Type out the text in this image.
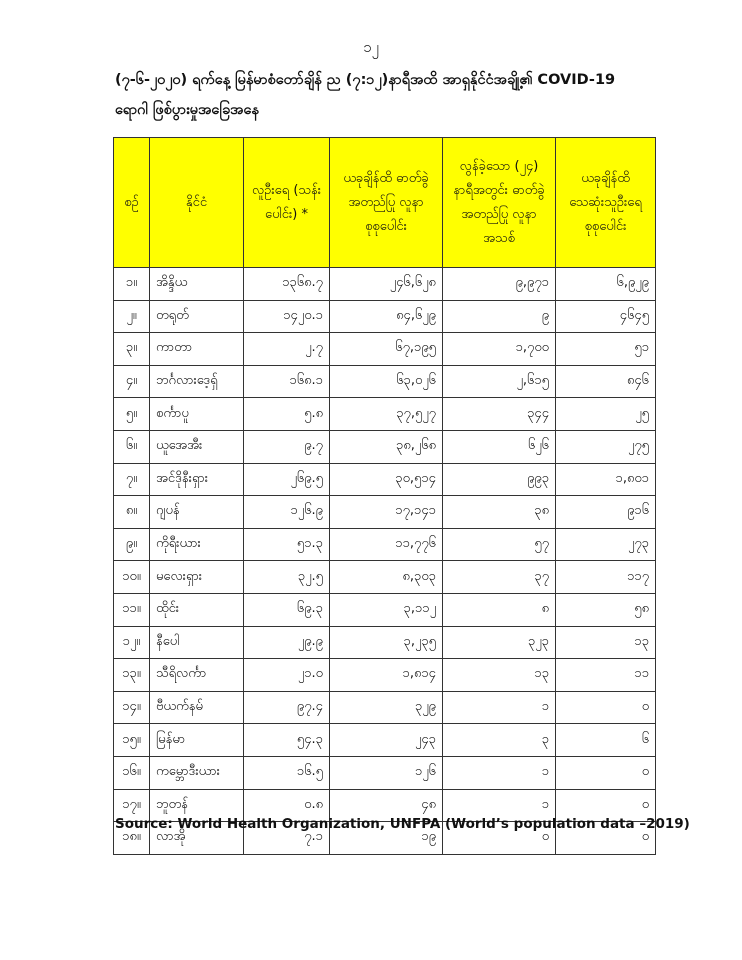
၁၂
(၇-၆-၂၀၂၀) ရက်နေ့ မြန်မာစံတော်ချိန် ည (၇:၁၂)နာရီအထိ အာရှနိုင်ငံအချို့၏ COVID-19
ရောဂါ ဖြစ်ပွားမှုအခြေအနေ
စဉ်	နိုင်ငံ	လူဦးရေ (သန်းပေါင်း) *	ယခုချိန်ထိ ဓာတ်ခွဲအတည်ပြု လူနာစုစုပေါင်း	လွန်ခဲ့သော (၂၄) နာရီအတွင်း ဓာတ်ခွဲအတည်ပြု လူနာအသစ်	ယခုချိန်ထိ သေဆုံးသူဦးရေ စုစုပေါင်း
၁။	အိန္ဒိယ	၁၃၆၈.၇	၂၄၆,၆၂၈	၉,၉၇၁	၆,၉၂၉
၂။	တရုတ်	၁၄၂၀.၁	၈၄,၆၂၉	၉	၄၆၄၅
၃။	ကာတာ	၂.၇	၆၇,၁၉၅	၁,၇၀၀	၅၁
၄။	ဘင်္ဂလားဒေ့ရှ်	၁၆၈.၁	၆၃,၀၂၆	၂,၆၁၅	၈၄၆
၅။	စင်္ကာပူ	၅.၈	၃၇,၅၂၇	၃၄၄	၂၅
၆။	ယူအေအီး	၉.၇	၃၈,၂၆၈	၆၂၆	၂၇၅
၇။	အင်ဒိုနီးရှား	၂၆၉.၅	၃၀,၅၁၄	၉၉၃	၁,၈၀၁
၈။	ဂျပန်	၁၂၆.၉	၁၇,၁၄၁	၃၈	၉၁၆
၉။	ကိုရီးယား	၅၁.၃	၁၁,၇၇၆	၅၇	၂၇၃
၁၀။	မလေးရှား	၃၂.၅	၈,၃၀၃	၃၇	၁၁၇
၁၁။	ထိုင်း	၆၉.၃	၃,၁၁၂	၈	၅၈
၁၂။	နီပေါ	၂၉.၉	၃,၂၃၅	၃၂၃	၁၃
၁၃။	သီရိလင်္ကာ	၂၁.၀	၁,၈၁၄	၁၃	၁၁
၁၄။	ဗီယက်နမ်	၉၇.၄	၃၂၉	၁	၀
၁၅။	မြန်မာ	၅၄.၃	၂၄၃	၃	၆
၁၆။	ကမ္ဘောဒီးယား	၁၆.၅	၁၂၆	၁	၀
၁၇။	ဘူတန်	၀.၈	၄၈	၁	၀
၁၈။	လာအို	၇.၁	၁၉	၀	၀
Source: World Health Organization, UNFPA (World’s population data –2019)
